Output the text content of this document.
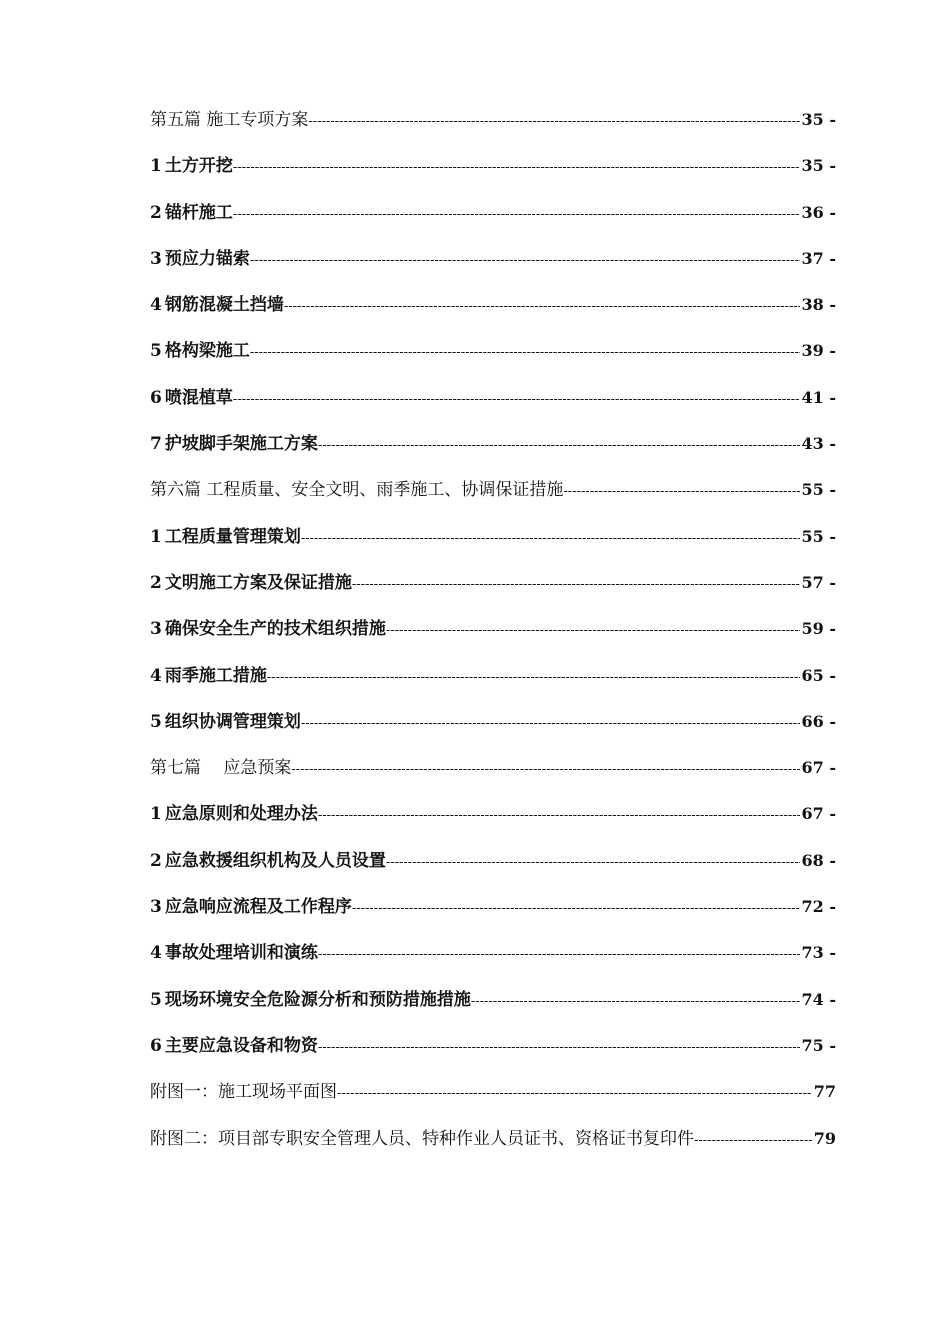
第五篇 施工专项方案 -----	35 -
1 土方开挖 -----	35 -
2 锚杆施工 -----	36 -
3 预应力锚索 -----	37 -
4 钢筋混凝土挡墙 -----	38 -
5 格构梁施工 -----	39 -
6 喷混植草 -----	41 -
7 护坡脚手架施工方案 -----	43 -
第六篇 工程质量、安全文明、雨季施工、协调保证措施 -----	55 -
1 工程质量管理策划 -----	55 -
2 文明施工方案及保证措施 -----	57 -
3 确保安全生产的技术组织措施 -----	59 -
4 雨季施工措施 -----	65 -
5 组织协调管理策划 -----	66 -
第七篇　 应急预案 -----	67 -
1 应急原则和处理办法 -----	67 -
2 应急救援组织机构及人员设置 -----	68 -
3 应急响应流程及工作程序 -----	72 -
4 事故处理培训和演练 -----	73 -
5 现场环境安全危险源分析和预防措施措施 -----	74 -
6 主要应急设备和物资 -----	75 -
附图一：施工现场平面图 -----	77
附图二：项目部专职安全管理人员、特种作业人员证书、资格证书复印件 -----	79
